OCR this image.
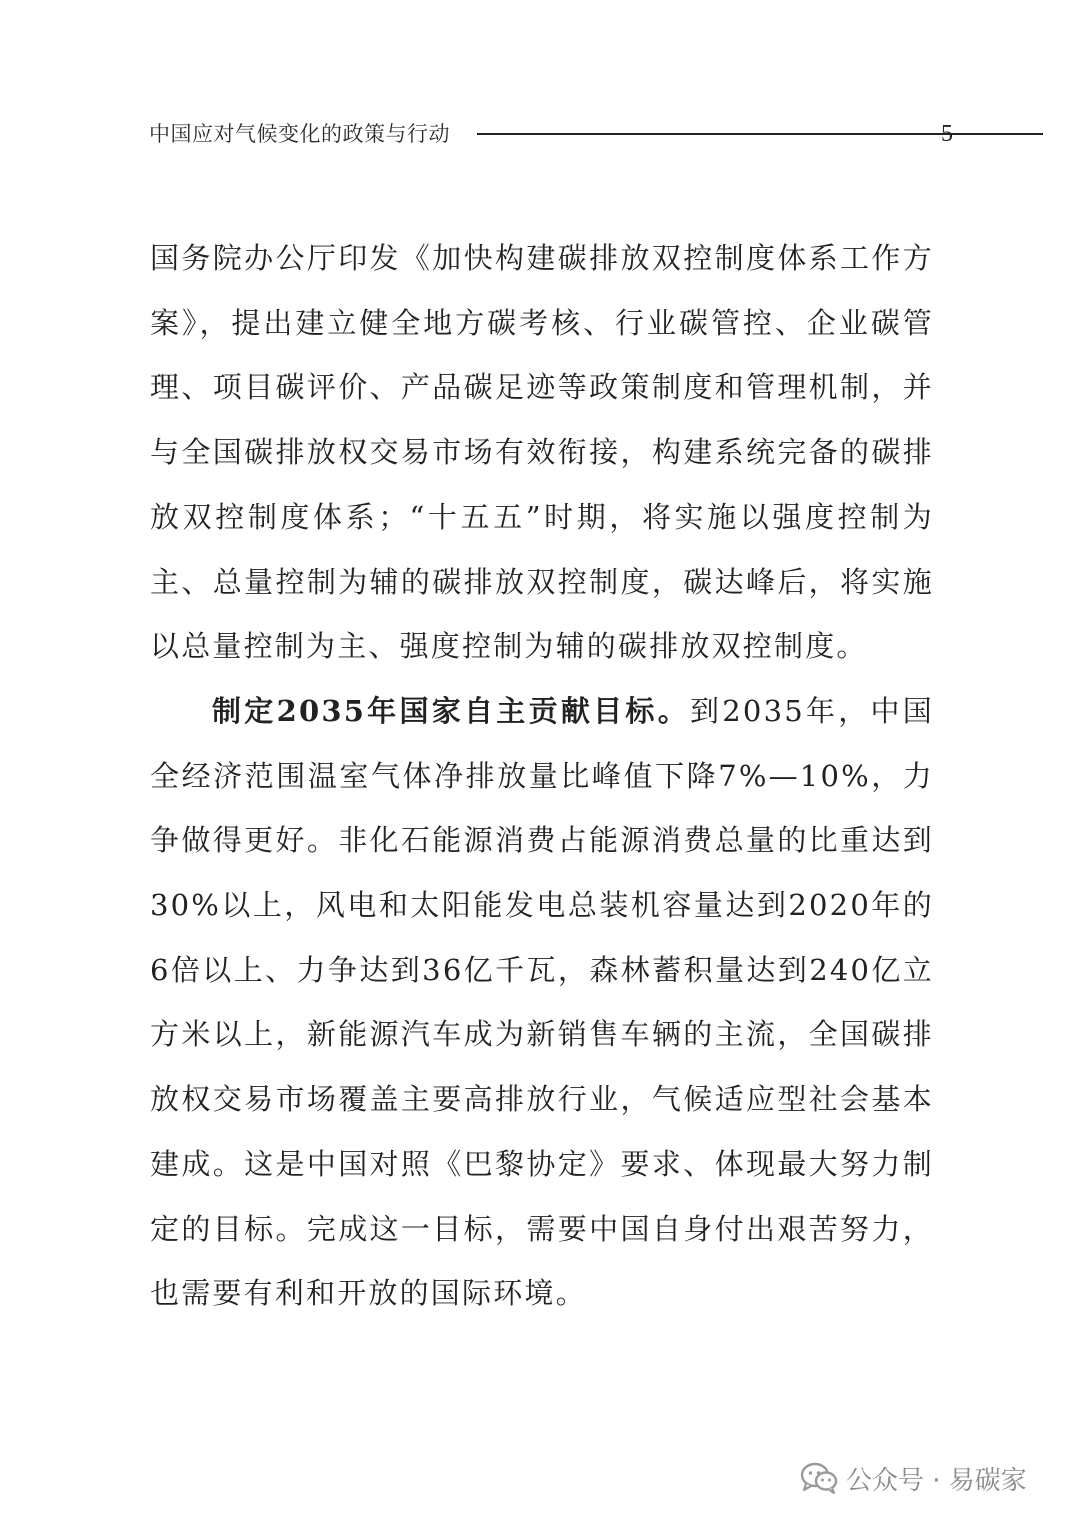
中国应对气候变化的政策与行动	5

国务院办公厅印发《加快构建碳排放双控制度体系工作方案》，提出建立健全地方碳考核、行业碳管控、企业碳管理、项目碳评价、产品碳足迹等政策制度和管理机制，并与全国碳排放权交易市场有效衔接，构建系统完备的碳排放双控制度体系；“十五五”时期，将实施以强度控制为主、总量控制为辅的碳排放双控制度，碳达峰后，将实施以总量控制为主、强度控制为辅的碳排放双控制度。

制定2035年国家自主贡献目标。到2035年，中国全经济范围温室气体净排放量比峰值下降7%—10%，力争做得更好。非化石能源消费占能源消费总量的比重达到30%以上，风电和太阳能发电总装机容量达到2020年的6倍以上、力争达到36亿千瓦，森林蓄积量达到240亿立方米以上，新能源汽车成为新销售车辆的主流，全国碳排放权交易市场覆盖主要高排放行业，气候适应型社会基本建成。这是中国对照《巴黎协定》要求、体现最大努力制定的目标。完成这一目标，需要中国自身付出艰苦努力，也需要有利和开放的国际环境。

公众号 · 易碳家
